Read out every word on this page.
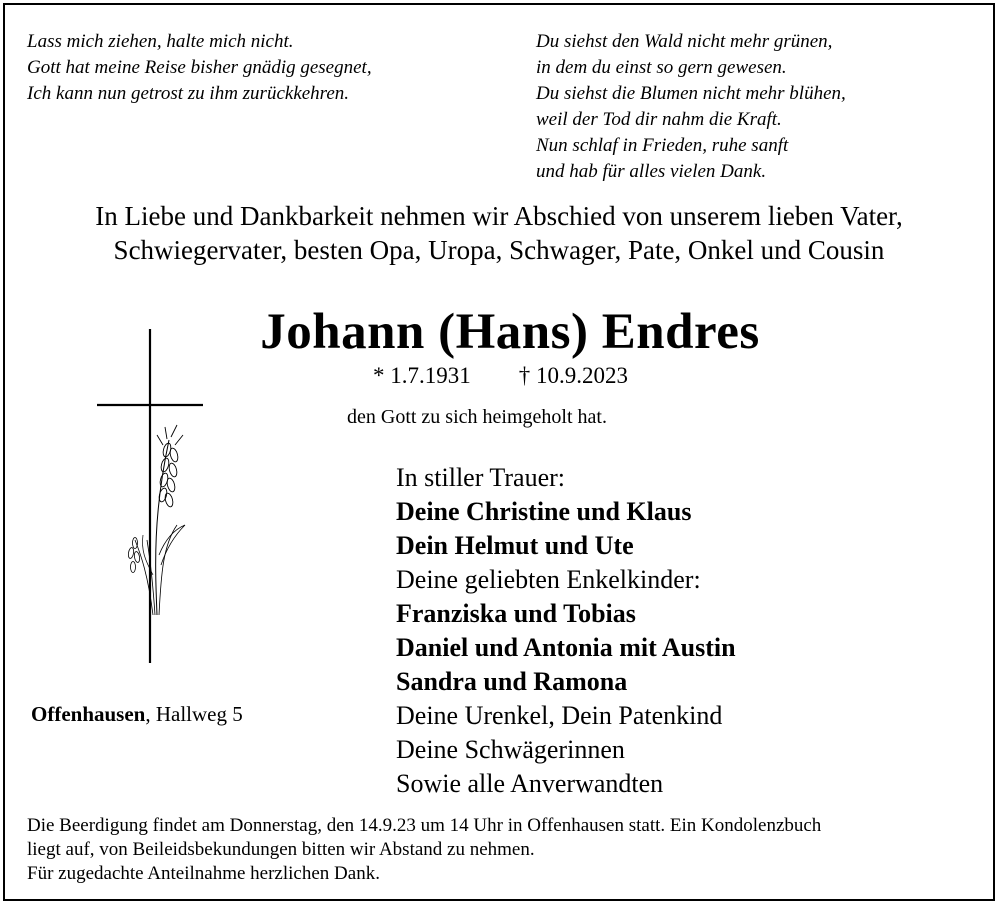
Lass mich ziehen, halte mich nicht.
Gott hat meine Reise bisher gnädig gesegnet,
Ich kann nun getrost zu ihm zurückkehren.
Du siehst den Wald nicht mehr grünen,
in dem du einst so gern gewesen.
Du siehst die Blumen nicht mehr blühen,
weil der Tod dir nahm die Kraft.
Nun schlaf in Frieden, ruhe sanft
und hab für alles vielen Dank.
In Liebe und Dankbarkeit nehmen wir Abschied von unserem lieben Vater,
Schwiegervater, besten Opa, Uropa, Schwager, Pate, Onkel und Cousin
Johann (Hans) Endres
* 1.7.1931 † 10.9.2023
den Gott zu sich heimgeholt hat.
In stiller Trauer:
Deine Christine und Klaus
Dein Helmut und Ute
Deine geliebten Enkelkinder:
Franziska und Tobias
Daniel und Antonia mit Austin
Sandra und Ramona
Deine Urenkel, Dein Patenkind
Deine Schwägerinnen
Sowie alle Anverwandten
Offenhausen, Hallweg 5
Die Beerdigung findet am Donnerstag, den 14.9.23 um 14 Uhr in Offenhausen statt. Ein Kondolenzbuch
liegt auf, von Beileidsbekundungen bitten wir Abstand zu nehmen.
Für zugedachte Anteilnahme herzlichen Dank.
